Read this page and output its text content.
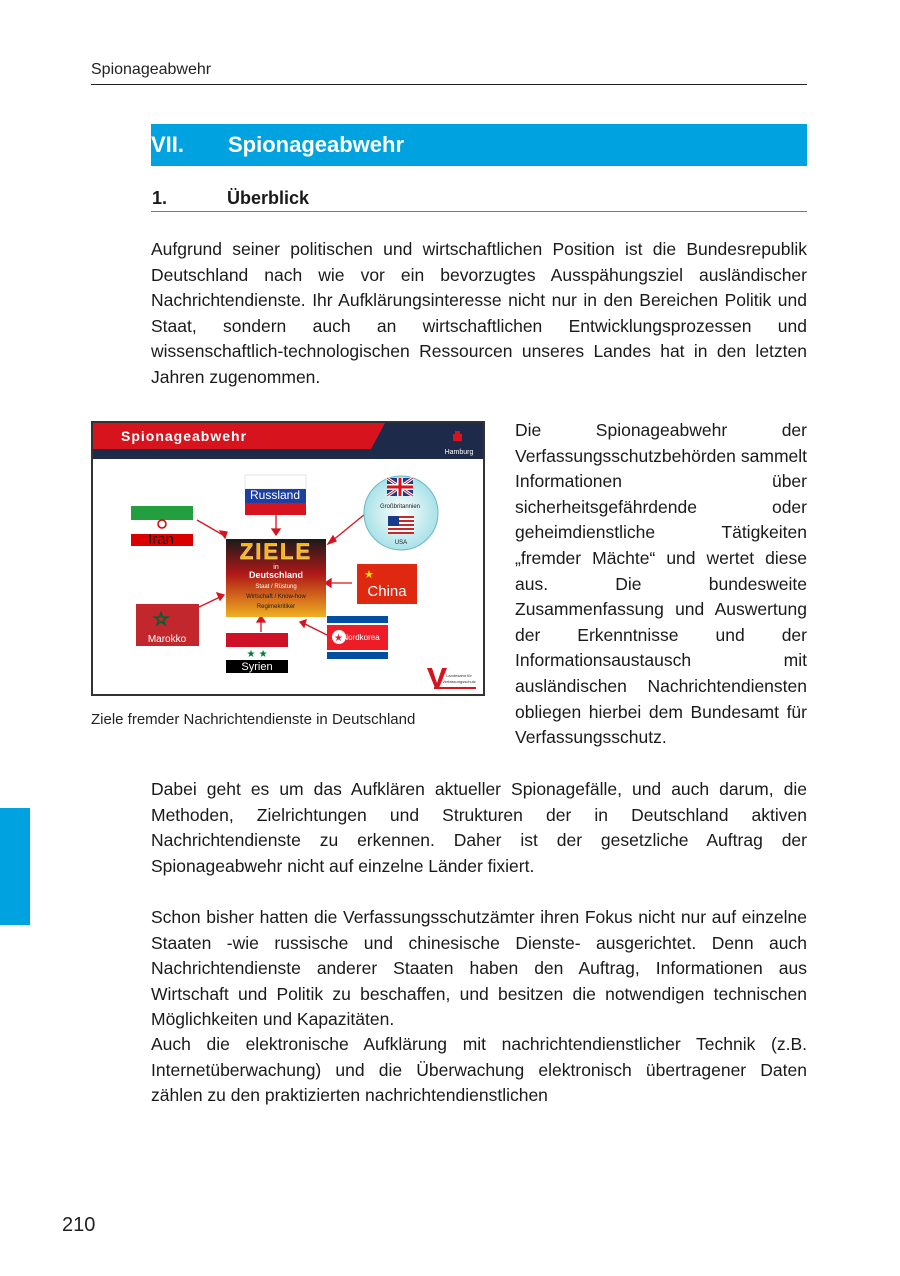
Spionageabwehr
VII. Spionageabwehr
1.	Überblick

Aufgrund seiner politischen und wirtschaftlichen Position ist die Bundesrepublik Deutschland nach wie vor ein bevorzugtes Ausspähungsziel ausländischer Nachrichtendienste. Ihr Aufklärungsinteresse nicht nur in den Bereichen Politik und Staat, sondern auch an wirtschaftlichen Entwicklungsprozessen und wissenschaftlich-technologischen Ressourcen unseres Landes hat in den letzten Jahren zugenommen.

Spionageabwehr
Hamburg
Russland
Iran
Großbritannien
USA
ZIELE
in
Deutschland
Staat / Rüstung
Wirtschaft / Know-how
Regimekritiker
★
China
☆
Marokko	★ Nordkorea
★ ★
Syrien
Landesamt für
Verfassungsschutz
Ziele fremder Nachrichtendienste in Deutschland

Die Spionageabwehr der Verfassungsschutzbehörden sammelt Informationen über sicherheitsgefährdende oder geheimdienstliche Tätigkeiten „fremder Mächte“ und wertet diese aus. Die bundesweite Zusammenfassung und Auswertung der Erkenntnisse und der Informationsaustausch mit ausländischen Nachrichtendiensten obliegen hierbei dem Bundesamt für Verfassungsschutz.

Dabei geht es um das Aufklären aktueller Spionagefälle, und auch darum, die Methoden, Zielrichtungen und Strukturen der in Deutschland aktiven Nachrichtendienste zu erkennen. Daher ist der gesetzliche Auftrag der Spionageabwehr nicht auf einzelne Länder fixiert.

Schon bisher hatten die Verfassungsschutzämter ihren Fokus nicht nur auf einzelne Staaten -wie russische und chinesische Dienste- ausgerichtet. Denn auch Nachrichtendienste anderer Staaten haben den Auftrag, Informationen aus Wirtschaft und Politik zu beschaffen, und besitzen die notwendigen technischen Möglichkeiten und Kapazitäten.

Auch die elektronische Aufklärung mit nachrichtendienstlicher Technik (z.B. Internetüberwachung) und die Überwachung elektronisch übertragener Daten zählen zu den praktizierten nachrichtendienstlichen

210
